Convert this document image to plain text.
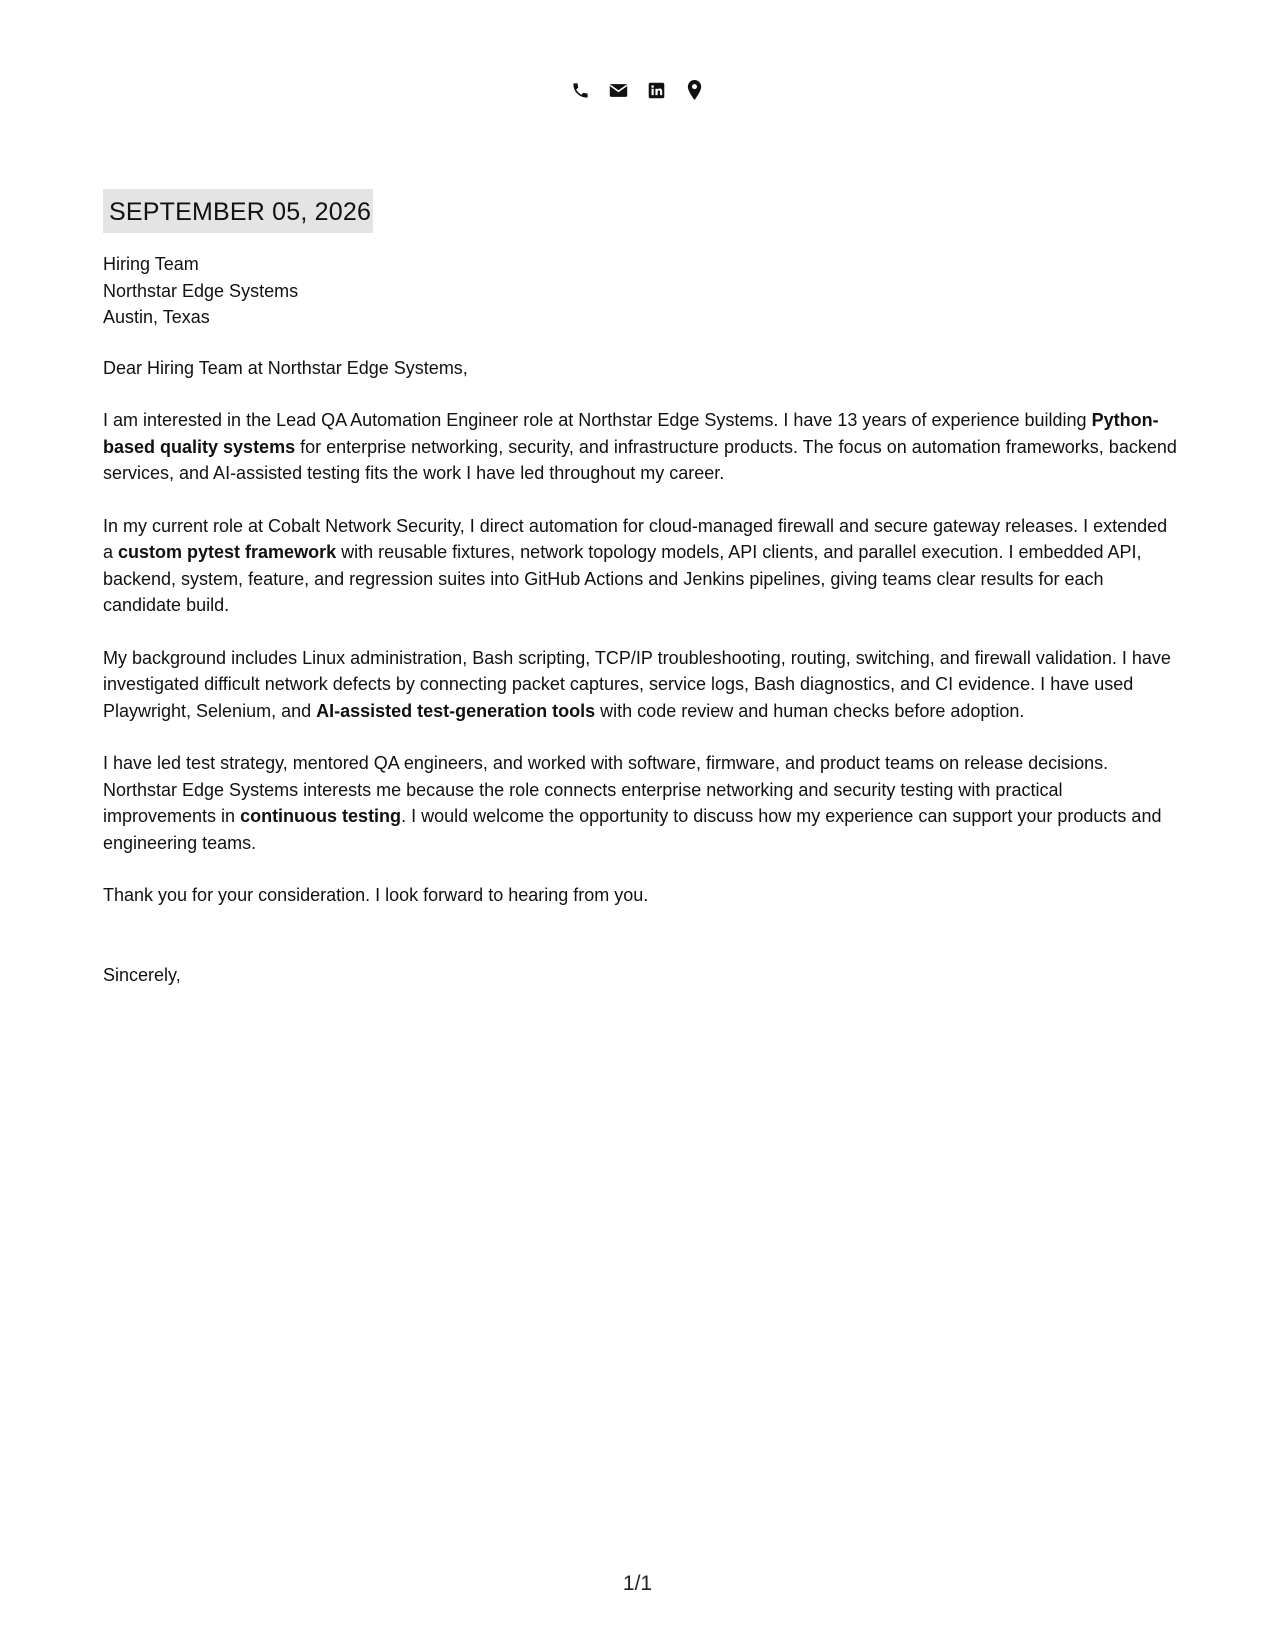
SEPTEMBER 05, 2026

Hiring Team

Northstar Edge Systems

Austin, Texas

Dear Hiring Team at Northstar Edge Systems,

I am interested in the Lead QA Automation Engineer role at Northstar Edge Systems. I have 13 years of experience building Python-based quality systems for enterprise networking, security, and infrastructure products. The focus on automation frameworks, backend services, and AI-assisted testing fits the work I have led throughout my career.

In my current role at Cobalt Network Security, I direct automation for cloud-managed firewall and secure gateway releases. I extended a custom pytest framework with reusable fixtures, network topology models, API clients, and parallel execution. I embedded API, backend, system, feature, and regression suites into GitHub Actions and Jenkins pipelines, giving teams clear results for each candidate build.

My background includes Linux administration, Bash scripting, TCP/IP troubleshooting, routing, switching, and firewall validation. I have investigated difficult network defects by connecting packet captures, service logs, Bash diagnostics, and CI evidence. I have used Playwright, Selenium, and AI-assisted test-generation tools with code review and human checks before adoption.

I have led test strategy, mentored QA engineers, and worked with software, firmware, and product teams on release decisions. Northstar Edge Systems interests me because the role connects enterprise networking and security testing with practical improvements in continuous testing. I would welcome the opportunity to discuss how my experience can support your products and engineering teams.

Thank you for your consideration. I look forward to hearing from you.

Sincerely,

1/1
